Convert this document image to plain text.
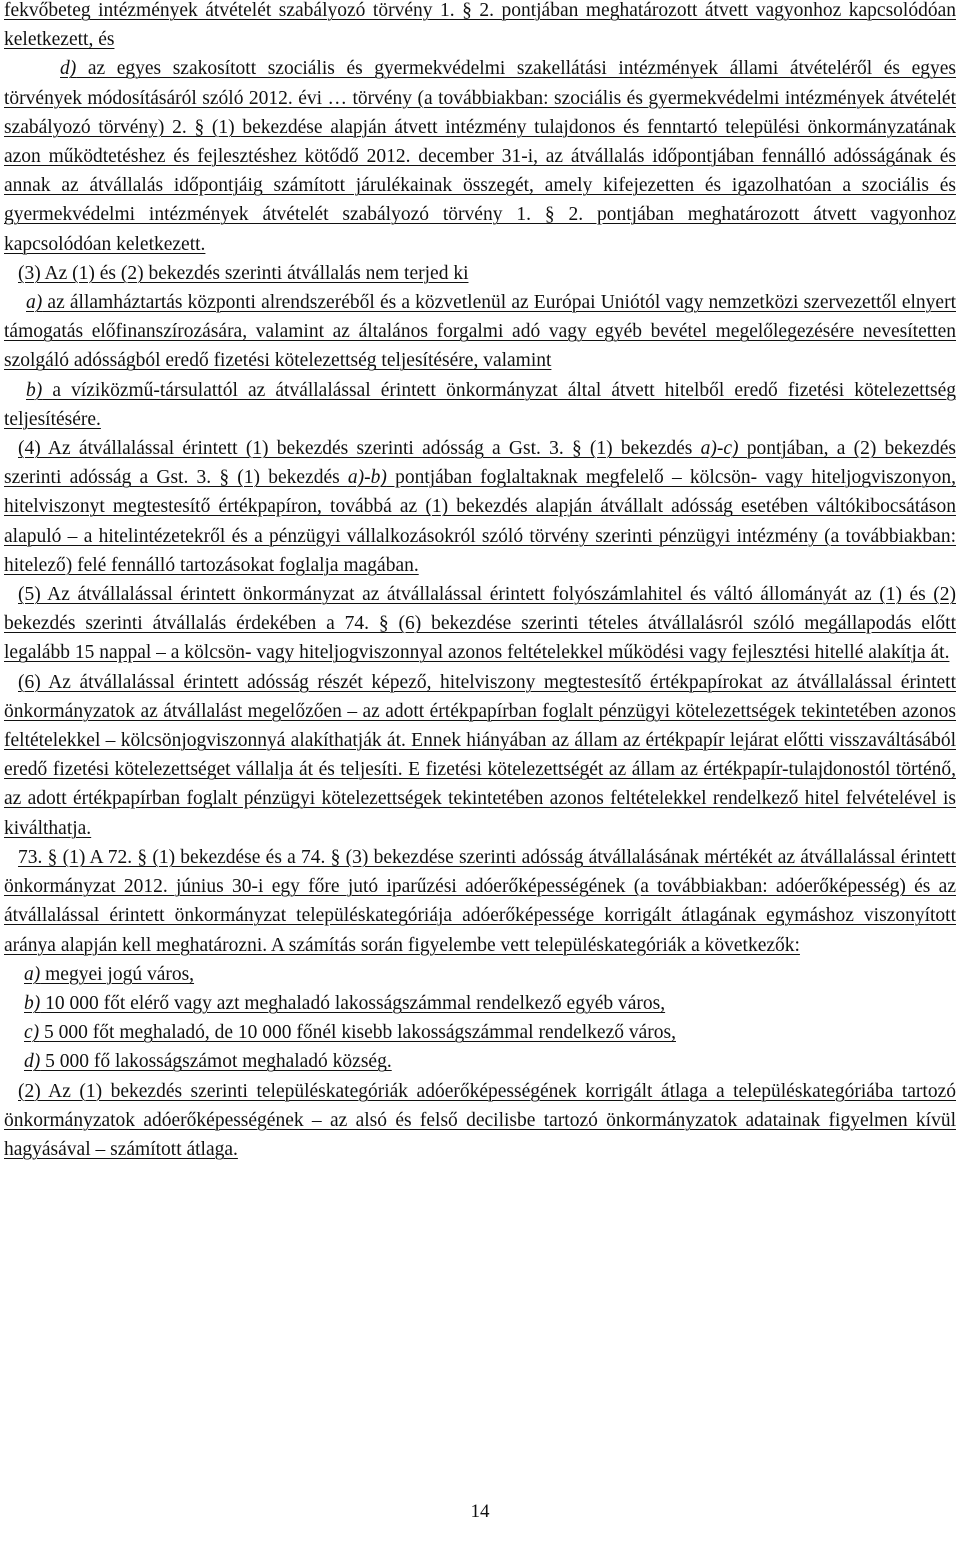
fekvőbeteg intézmények átvételét szabályozó törvény 1. § 2. pontjában meghatározott átvett vagyonhoz kapcsolódóan keletkezett, és

d) az egyes szakosított szociális és gyermekvédelmi szakellátási intézmények állami átvételéről és egyes törvények módosításáról szóló 2012. évi … törvény (a továbbiakban: szociális és gyermekvédelmi intézmények átvételét szabályozó törvény) 2. § (1) bekezdése alapján átvett intézmény tulajdonos és fenntartó települési önkormányzatának azon működtetéshez és fejlesztéshez kötődő 2012. december 31-i, az átvállalás időpontjában fennálló adósságának és annak az átvállalás időpontjáig számított járulékainak összegét, amely kifejezetten és igazolhatóan a szociális és gyermekvédelmi intézmények átvételét szabályozó törvény 1. § 2. pontjában meghatározott átvett vagyonhoz kapcsolódóan keletkezett.

(3) Az (1) és (2) bekezdés szerinti átvállalás nem terjed ki

a) az államháztartás központi alrendszeréből és a közvetlenül az Európai Uniótól vagy nemzetközi szervezettől elnyert támogatás előfinanszírozására, valamint az általános forgalmi adó vagy egyéb bevétel megelőlegezésére nevesítetten szolgáló adósságból eredő fizetési kötelezettség teljesítésére, valamint

b) a víziközmű-társulattól az átvállalással érintett önkormányzat által átvett hitelből eredő fizetési kötelezettség teljesítésére.

(4) Az átvállalással érintett (1) bekezdés szerinti adósság a Gst. 3. § (1) bekezdés a)-c) pontjában, a (2) bekezdés szerinti adósság a Gst. 3. § (1) bekezdés a)-b) pontjában foglaltaknak megfelelő – kölcsön- vagy hiteljogviszonyon, hitelviszonyt megtestesítő értékpapíron, továbbá az (1) bekezdés alapján átvállalt adósság esetében váltókibocsátáson alapuló – a hitelintézetekről és a pénzügyi vállalkozásokról szóló törvény szerinti pénzügyi intézmény (a továbbiakban: hitelező) felé fennálló tartozásokat foglalja magában.

(5) Az átvállalással érintett önkormányzat az átvállalással érintett folyószámlahitel és váltó állományát az (1) és (2) bekezdés szerinti átvállalás érdekében a 74. § (6) bekezdése szerinti tételes átvállalásról szóló megállapodás előtt legalább 15 nappal – a kölcsön- vagy hiteljogviszonnyal azonos feltételekkel működési vagy fejlesztési hitellé alakítja át.

(6) Az átvállalással érintett adósság részét képező, hitelviszony megtestesítő értékpapírokat az átvállalással érintett önkormányzatok az átvállalást megelőzően – az adott értékpapírban foglalt pénzügyi kötelezettségek tekintetében azonos feltételekkel – kölcsönjogviszonnyá alakíthatják át. Ennek hiányában az állam az értékpapír lejárat előtti visszaváltásából eredő fizetési kötelezettséget vállalja át és teljesíti. E fizetési kötelezettségét az állam az értékpapír-tulajdonostól történő, az adott értékpapírban foglalt pénzügyi kötelezettségek tekintetében azonos feltételekkel rendelkező hitel felvételével is kiválthatja.

73. § (1) A 72. § (1) bekezdése és a 74. § (3) bekezdése szerinti adósság átvállalásának mértékét az átvállalással érintett önkormányzat 2012. június 30-i egy főre jutó iparűzési adóerőképességének (a továbbiakban: adóerőképesség) és az átvállalással érintett önkormányzat településkategóriája adóerőképessége korrigált átlagának egymáshoz viszonyított aránya alapján kell meghatározni. A számítás során figyelembe vett településkategóriák a következők:

a) megyei jogú város,

b) 10 000 főt elérő vagy azt meghaladó lakosságszámmal rendelkező egyéb város,

c) 5 000 főt meghaladó, de 10 000 főnél kisebb lakosságszámmal rendelkező város,

d) 5 000 fő lakosságszámot meghaladó község.

(2) Az (1) bekezdés szerinti településkategóriák adóerőképességének korrigált átlaga a településkategóriába tartozó önkormányzatok adóerőképességének – az alsó és felső decilisbe tartozó önkormányzatok adatainak figyelmen kívül hagyásával – számított átlaga.

14
